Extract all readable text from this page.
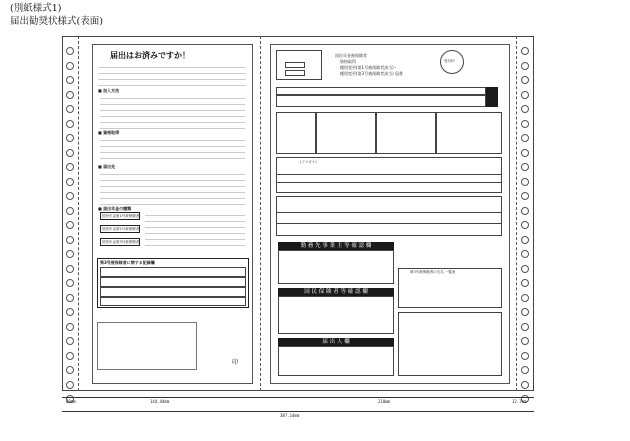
(別紙様式1)
届出勧奨状様式(表面)
届出はお済みですか！
■ 加入方法
■ 資格取得
■ 届出先
■ 届出年金の種類
国民年金第1号被保険者
国民年金第2号被保険者
国民年金第3号被保険者
第3号被保険者に関する記録欄
印
国民年金被保険者
資格取得
種別変更(第1号被保険者該当)・
種別変更(第3号被保険者該当) 届書
受付印
(フリガナ)
勤 務 先 事 業 主 等 確 認 欄
国 民 保 険 者 等 確 認 欄
届 出 人 欄
第3号被保険者の氏名 一覧表
60mm	144.44mm	210mm	12.7mm
387.14mm
